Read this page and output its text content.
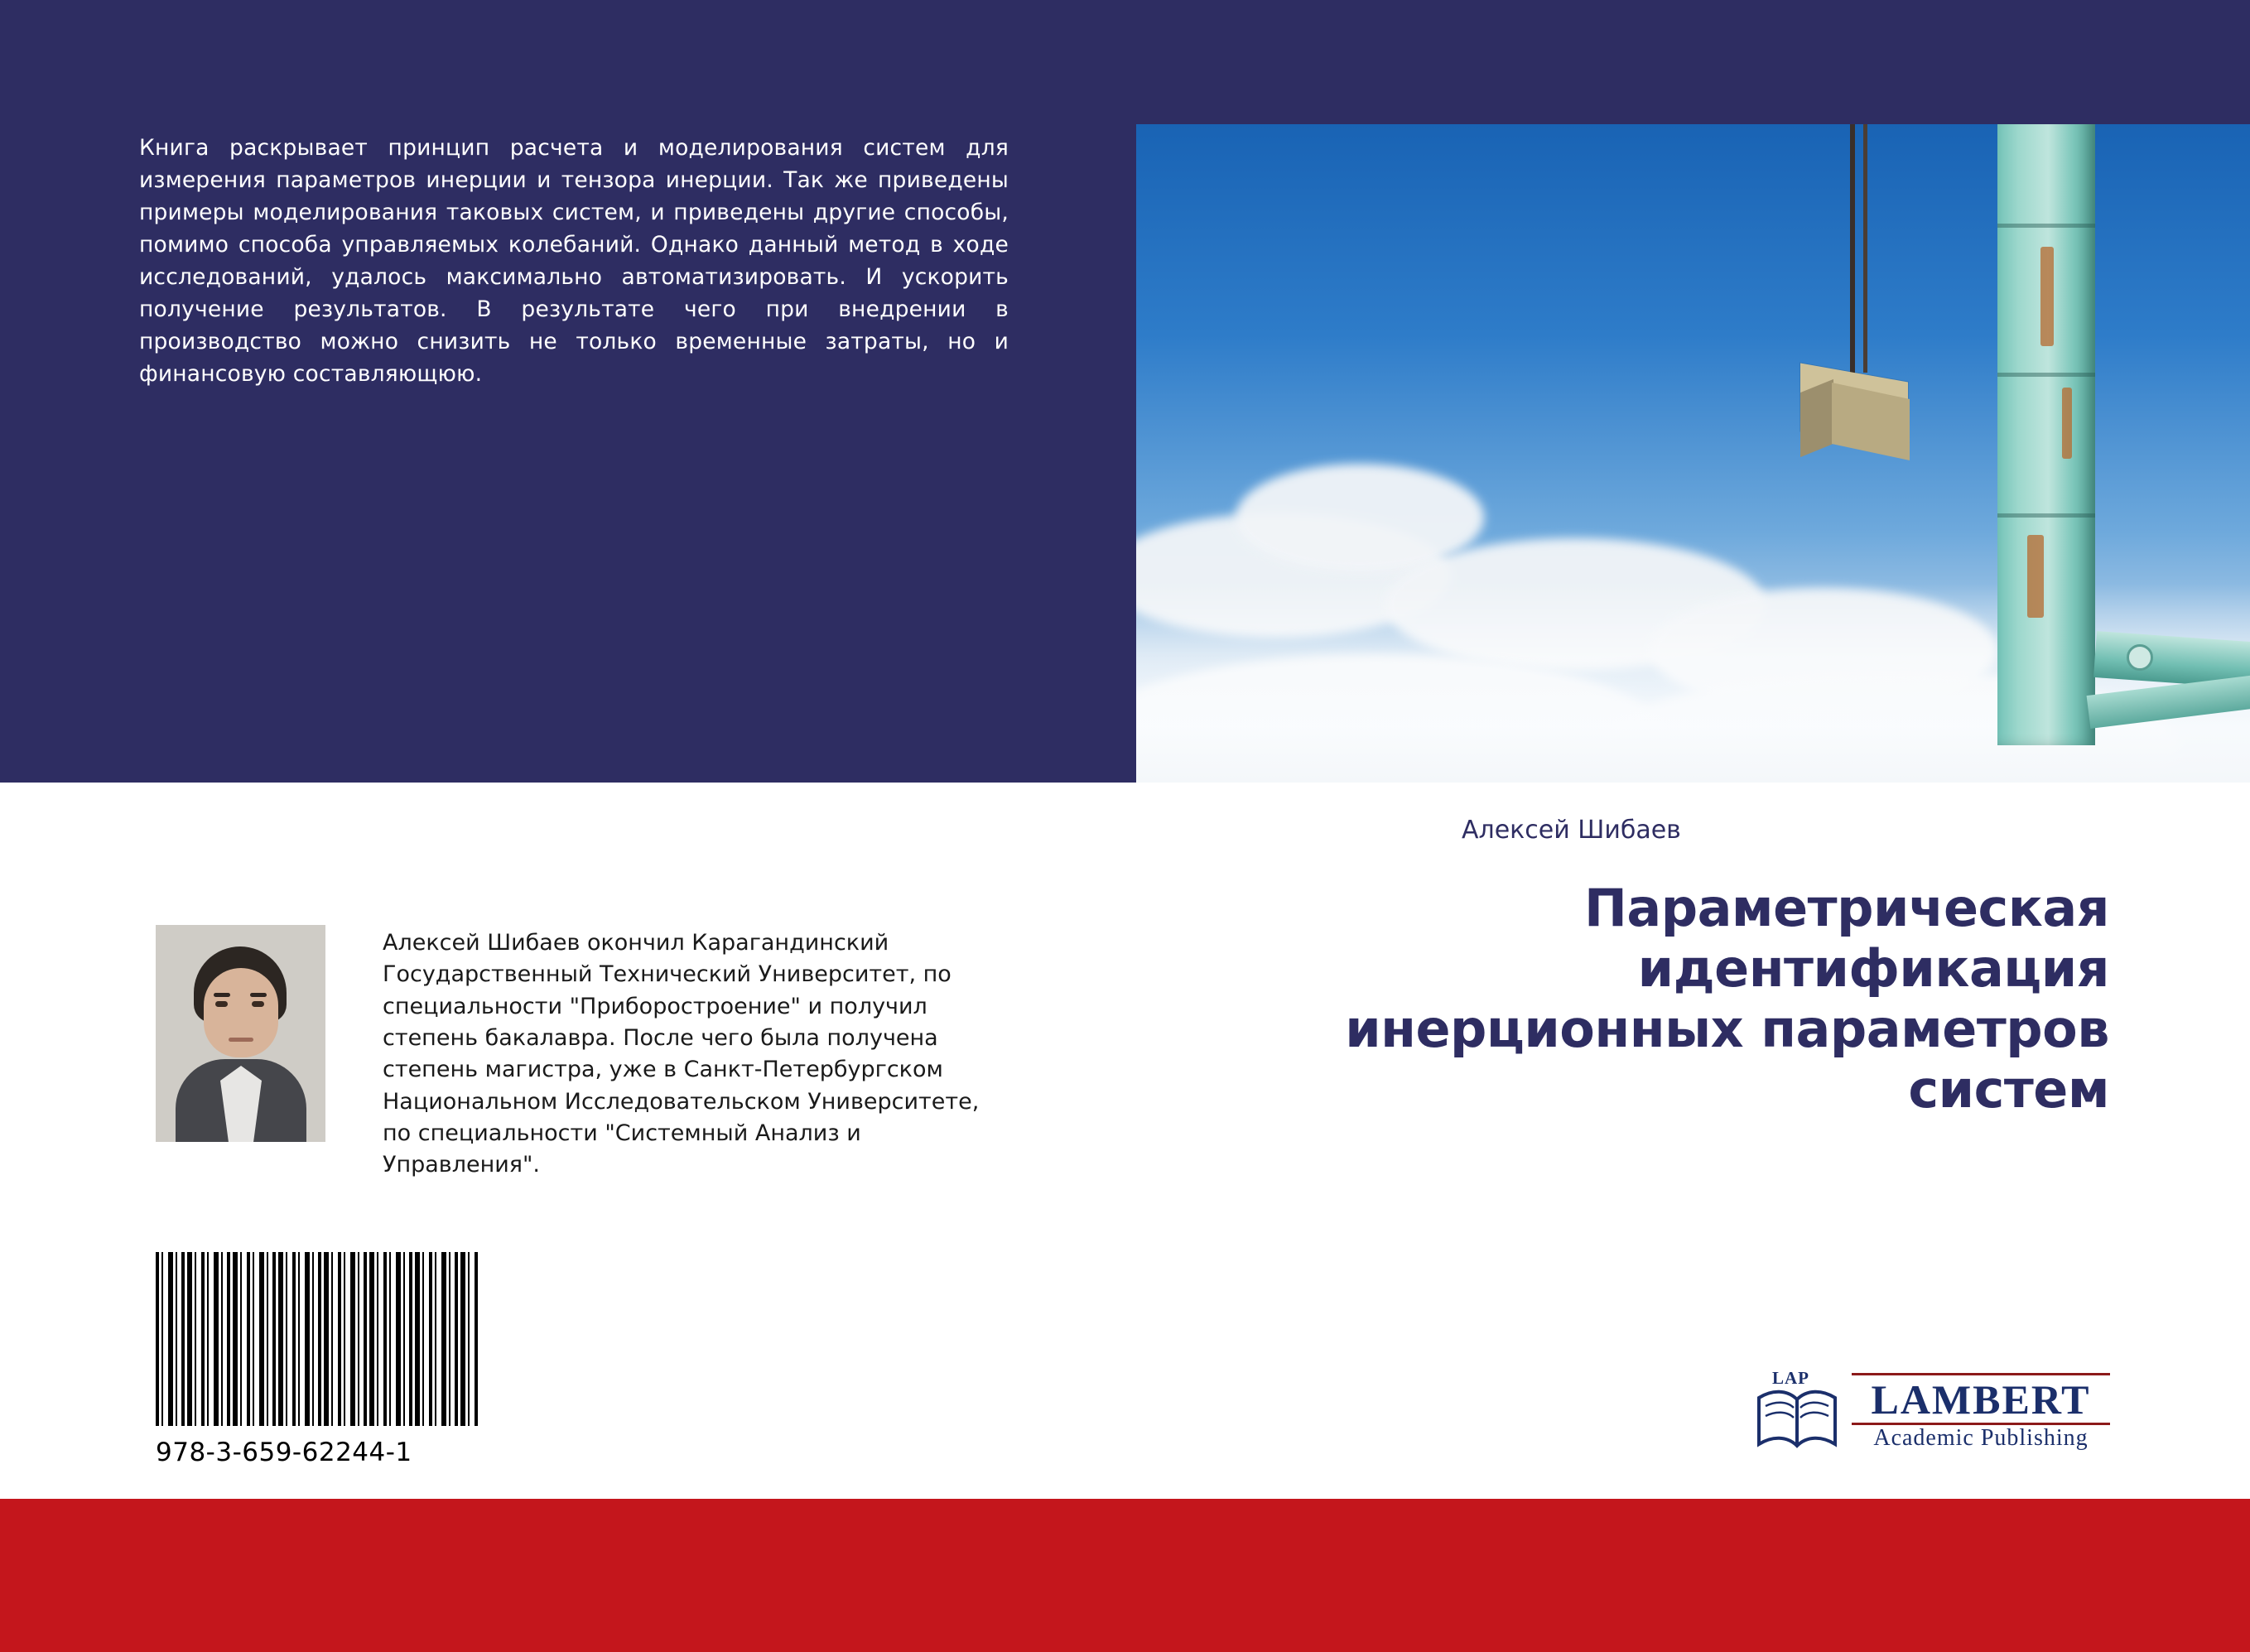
Книга раскрывает принцип расчета и моделирования систем для измерения параметров инерции и тензора инерции. Так же приведены примеры моделирования таковых систем, и приведены другие способы, помимо способа управляемых колебаний. Однако данный метод в ходе исследований, удалось максимально автоматизировать. И ускорить получение результатов. В результате чего при внедрении в производство можно снизить не только временные затраты, но и финансовую составляющюю.
Алексей Шибаев
Параметрическая идентификация инерционных параметров систем
Алексей Шибаев окончил Карагандинский Государственный Технический Университет, по специальности "Приборостроение" и получил степень бакалавра. После чего была получена степень магистра, уже в Санкт-Петербургском Национальном Исследовательском Университете, по специальности "Системный Анализ и Управления".
978-3-659-62244-1
LAP	LAMBERT
Academic Publishing
